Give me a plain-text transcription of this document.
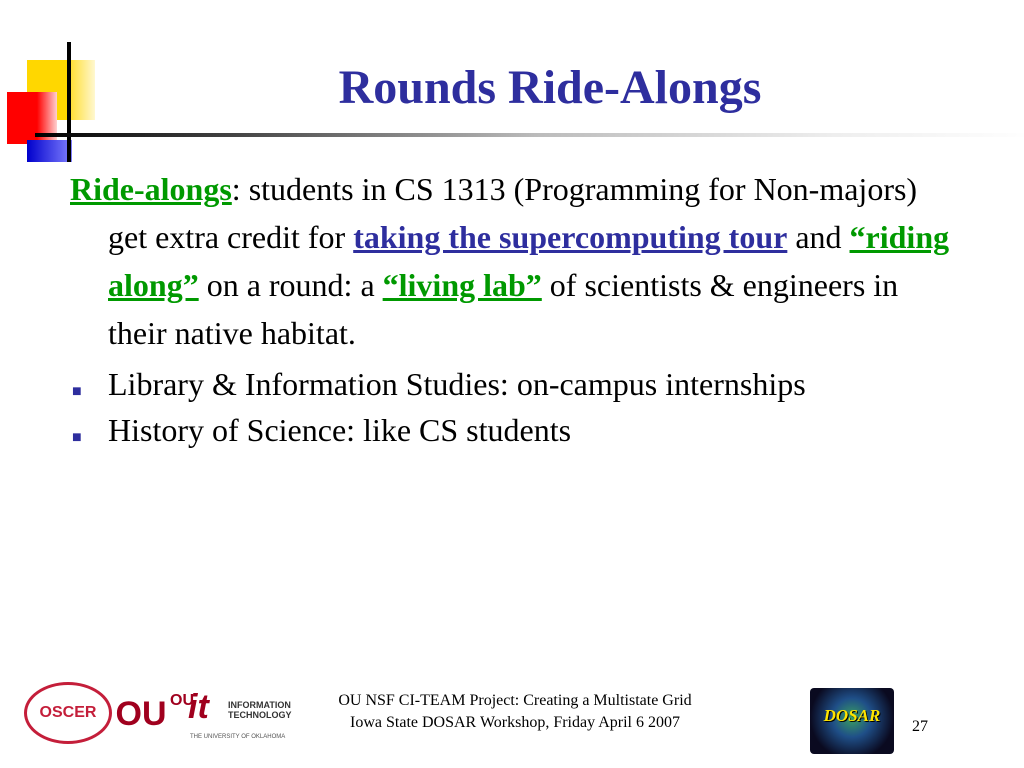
Rounds Ride-Alongs
Ride-alongs: students in CS 1313 (Programming for Non-majors) get extra credit for taking the supercomputing tour and “riding along” on a round: a “living lab” of scientists & engineers in their native habitat.
■ Library & Information Studies: on-campus internships
■ History of Science: like CS students
OSCER OU OU
it INFORMATION
TECHNOLOGY
THE UNIVERSITY OF OKLAHOMA
OU NSF CI-TEAM Project: Creating a Multistate Grid
Iowa State DOSAR Workshop, Friday April 6 2007	DOSAR
27
